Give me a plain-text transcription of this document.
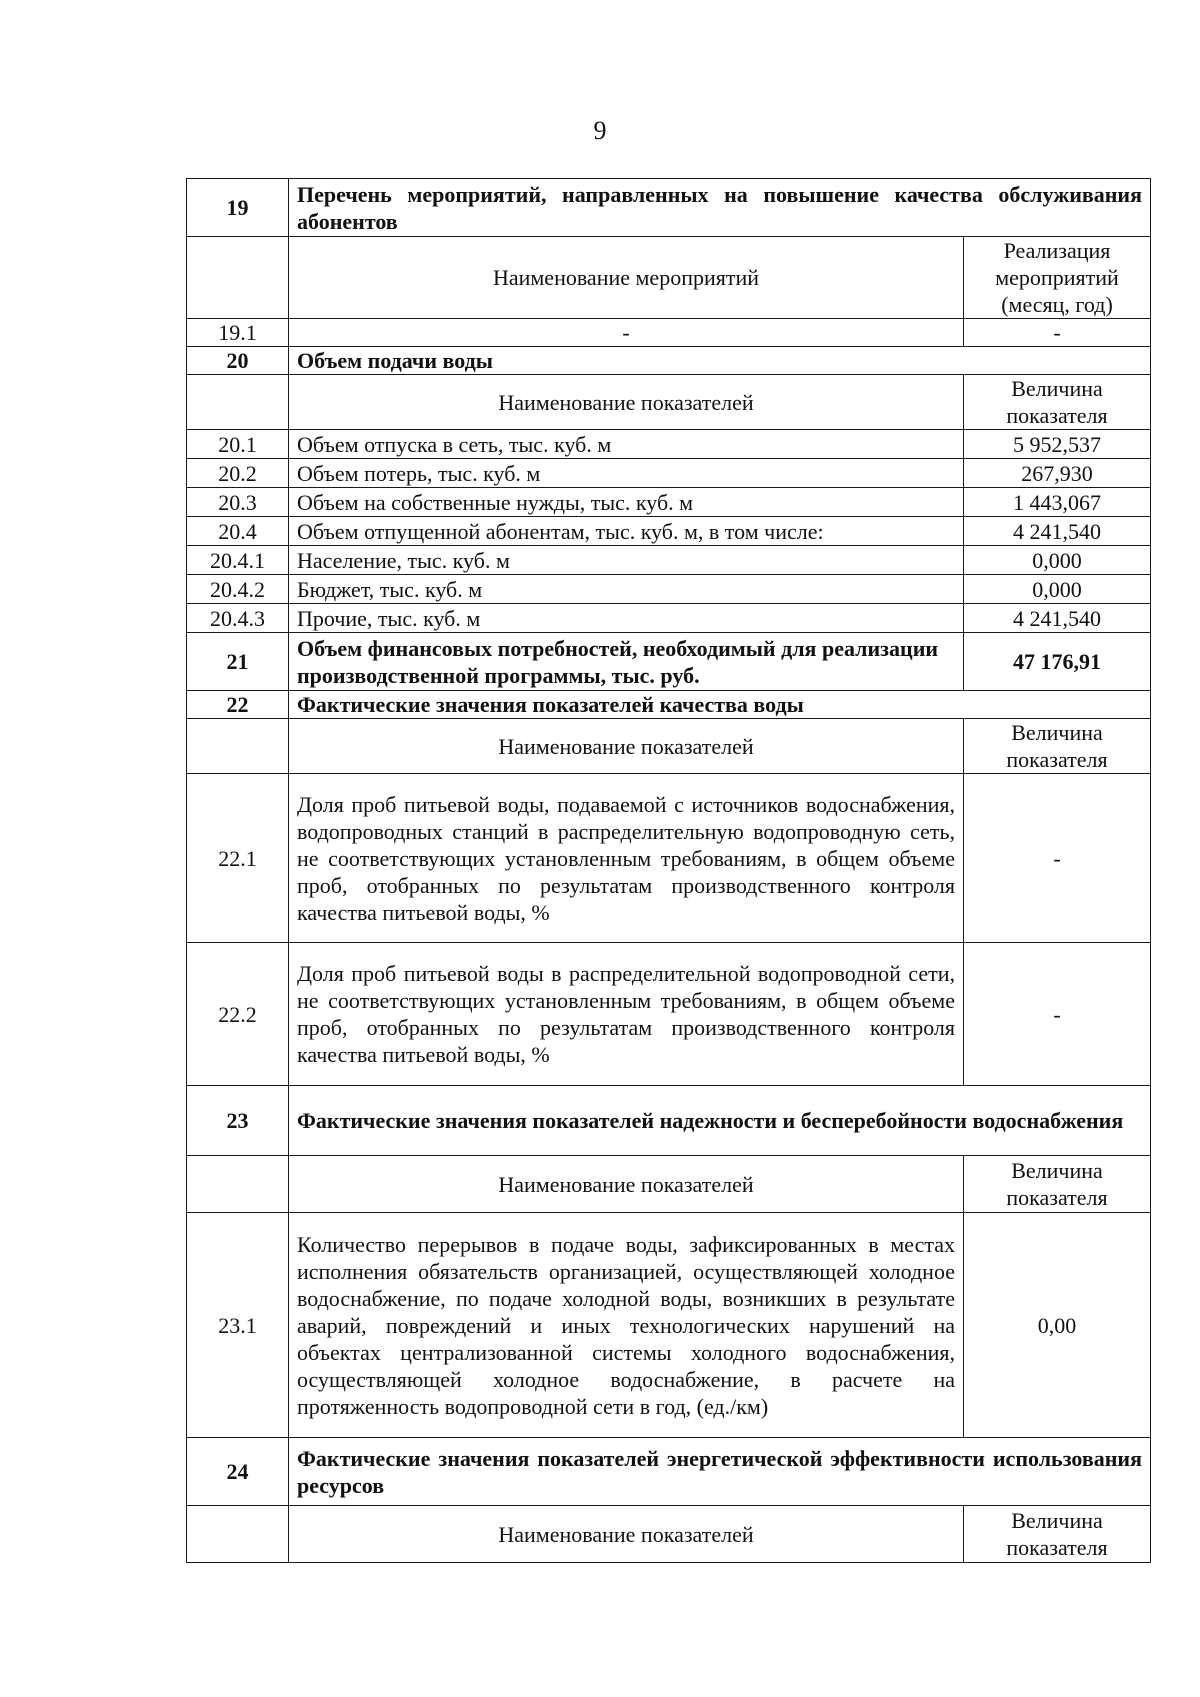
9
19	Перечень мероприятий, направленных на повышение качества обслуживания абонентов	
	Наименование мероприятий	Реализация мероприятий (месяц, год)
19.1	-	-
20	Объем подачи воды	
	Наименование показателей	Величина показателя
20.1	Объем отпуска в сеть, тыс. куб. м	5 952,537
20.2	Объем потерь, тыс. куб. м	267,930
20.3	Объем на собственные нужды, тыс. куб. м	1 443,067
20.4	Объем отпущенной абонентам, тыс. куб. м, в том числе:	4 241,540
20.4.1	Население, тыс. куб. м	0,000
20.4.2	Бюджет, тыс. куб. м	0,000
20.4.3	Прочие, тыс. куб. м	4 241,540
21	Объем финансовых потребностей, необходимый для реализации производственной программы, тыс. руб.	47 176,91
22	Фактические значения показателей качества воды	
	Наименование показателей	Величина показателя
22.1	Доля проб питьевой воды, подаваемой с источников водоснабжения, водопроводных станций в распределительную водопроводную сеть, не соответствующих установленным требованиям, в общем объеме проб, отобранных по результатам производственного контроля качества питьевой воды, %	-
22.2	Доля проб питьевой воды в распределительной водопроводной сети, не соответствующих установленным требованиям, в общем объеме проб, отобранных по результатам производственного контроля качества питьевой воды, %	-
23	Фактические значения показателей надежности и бесперебойности водоснабжения	
	Наименование показателей	Величина показателя
23.1	Количество перерывов в подаче воды, зафиксированных в местах исполнения обязательств организацией, осуществляющей холодное водоснабжение, по подаче холодной воды, возникших в результате аварий, повреждений и иных технологических нарушений на объектах централизованной системы холодного водоснабжения, осуществляющей холодное водоснабжение, в расчете на протяженность водопроводной сети в год, (ед./км)	0,00
24	Фактические значения показателей энергетической эффективности использования ресурсов	
	Наименование показателей	Величина показателя
